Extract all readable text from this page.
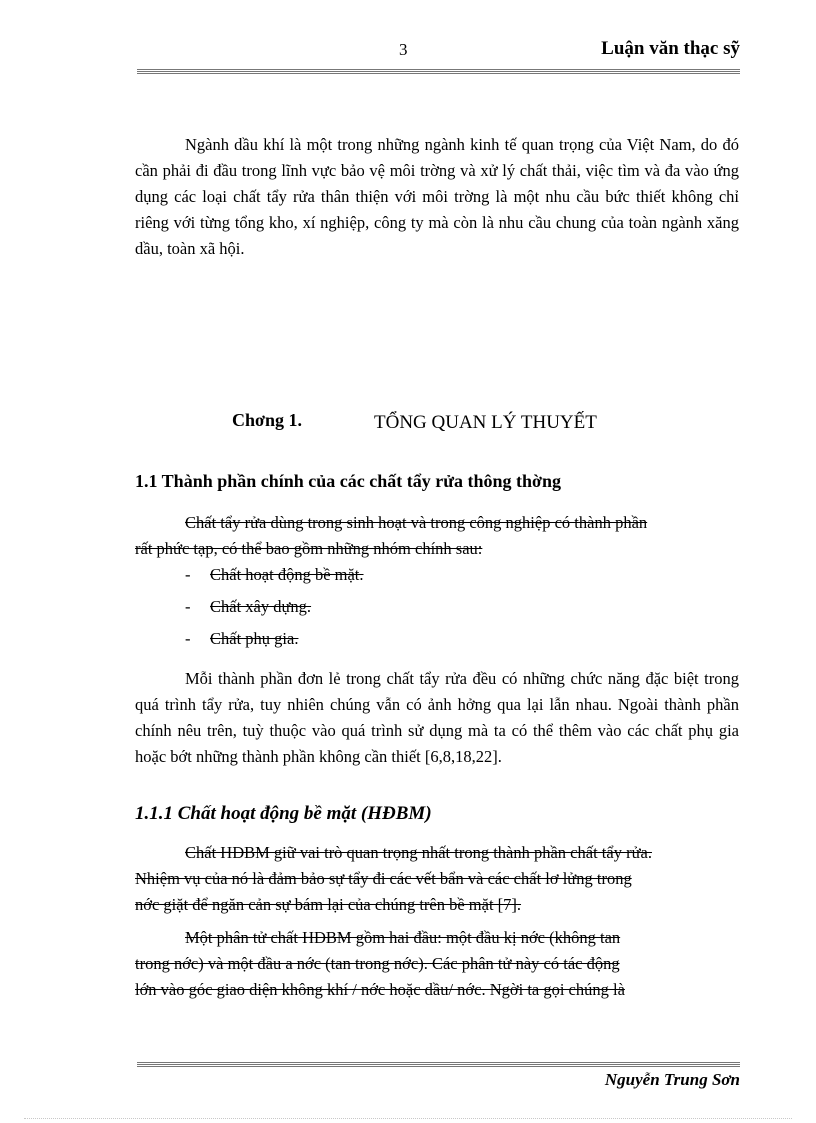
3	Luận văn thạc sỹ

Ngành dầu khí là một trong những ngành kinh tế quan trọng của Việt Nam, do đó cần phải đi đầu trong lĩnh vực bảo vệ môi trờng và xử lý chất thải, việc tìm và đa vào ứng dụng các loại chất tẩy rửa thân thiện với môi trờng là một nhu cầu bức thiết không chỉ riêng với từng tổng kho, xí nghiệp, công ty mà còn là nhu cầu chung của toàn ngành xăng dầu, toàn xã hội.

Chơng 1.	TỔNG QUAN LÝ THUYẾT
1.1 Thành phần chính của các chất tẩy rửa thông thờng

Chất tẩy rửa dùng trong sinh hoạt và trong công nghiệp có thành phần
rất phức tạp, có thể bao gồm những nhóm chính sau:

- Chất hoạt động bề mặt.
- Chất xây dựng.
- Chất phụ gia.

Mỗi thành phần đơn lẻ trong chất tẩy rửa đều có những chức năng đặc biệt trong quá trình tẩy rửa, tuy nhiên chúng vẫn có ảnh hởng qua lại lẫn nhau. Ngoài thành phần chính nêu trên, tuỳ thuộc vào quá trình sử dụng mà ta có thể thêm vào các chất phụ gia hoặc bớt những thành phần không cần thiết [6,8,18,22].

1.1.1 Chất hoạt động bề mặt (HĐBM)

Chất HĐBM giữ vai trò quan trọng nhất trong thành phần chất tẩy rửa.
Nhiệm vụ của nó là đảm bảo sự tẩy đi các vết bẩn và các chất lơ lửng trong
nớc giặt để ngăn cản sự bám lại của chúng trên bề mặt [7].

Một phân tử chất HĐBM gồm hai đầu: một đầu kị nớc (không tan
trong nớc) và một đầu a nớc (tan trong nớc). Các phân tử này có tác động
lớn vào góc giao diện không khí / nớc hoặc dầu/ nớc. Ngời ta gọi chúng là

Nguyễn Trung Sơn
